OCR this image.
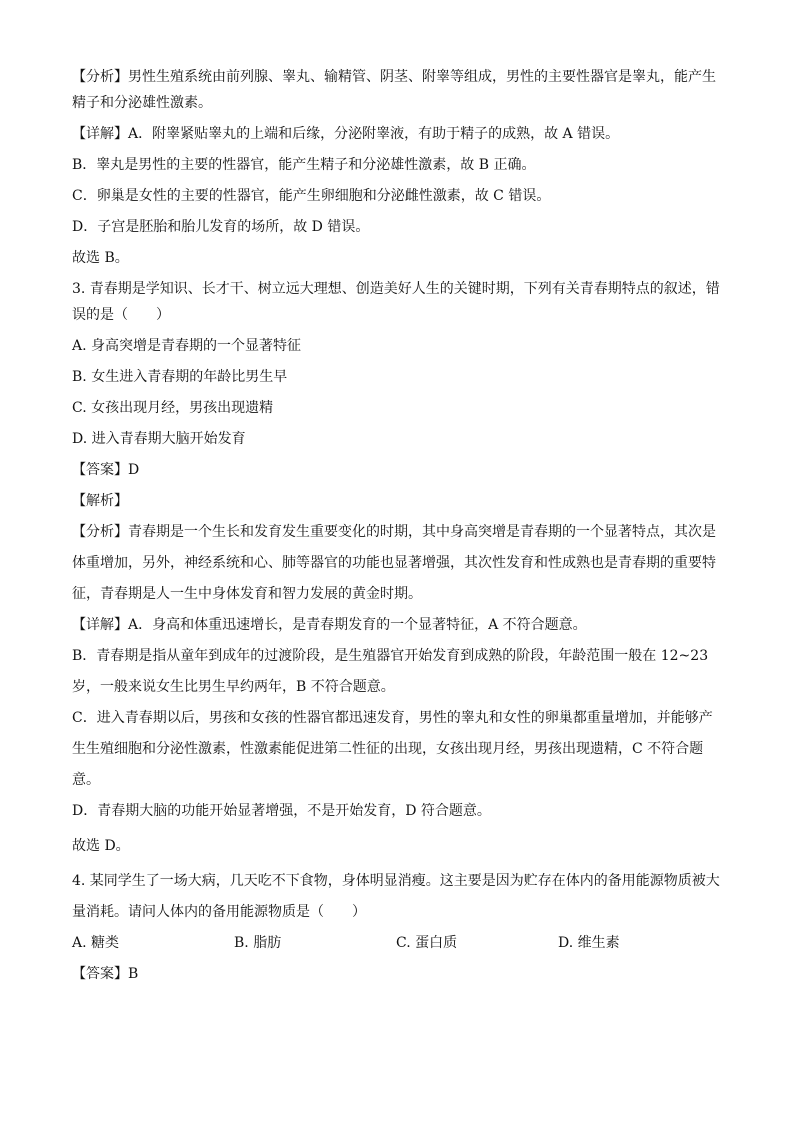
【分析】男性生殖系统由前列腺、睾丸、输精管、阴茎、附睾等组成，男性的主要性器官是睾丸，能产生
精子和分泌雄性激素。
【详解】A．附睾紧贴睾丸的上端和后缘，分泌附睾液，有助于精子的成熟，故 A 错误。
B．睾丸是男性的主要的性器官，能产生精子和分泌雄性激素，故 B 正确。
C．卵巢是女性的主要的性器官，能产生卵细胞和分泌雌性激素，故 C 错误。
D．子宫是胚胎和胎儿发育的场所，故 D 错误。
故选 B。
3. 青春期是学知识、长才干、树立远大理想、创造美好人生的关键时期，下列有关青春期特点的叙述，错
误的是（　　）
A. 身高突增是青春期的一个显著特征
B. 女生进入青春期的年龄比男生早
C. 女孩出现月经，男孩出现遗精
D. 进入青春期大脑开始发育
【答案】D
【解析】
【分析】青春期是一个生长和发育发生重要变化的时期，其中身高突增是青春期的一个显著特点，其次是
体重增加，另外，神经系统和心、肺等器官的功能也显著增强，其次性发育和性成熟也是青春期的重要特
征，青春期是人一生中身体发育和智力发展的黄金时期。
【详解】A．身高和体重迅速增长，是青春期发育的一个显著特征，A 不符合题意。
B．青春期是指从童年到成年的过渡阶段，是生殖器官开始发育到成熟的阶段，年龄范围一般在 12~23
岁，一般来说女生比男生早约两年，B 不符合题意。
C．进入青春期以后，男孩和女孩的性器官都迅速发育，男性的睾丸和女性的卵巢都重量增加，并能够产
生生殖细胞和分泌性激素，性激素能促进第二性征的出现，女孩出现月经，男孩出现遗精，C 不符合题
意。
D．青春期大脑的功能开始显著增强，不是开始发育，D 符合题意。
故选 D。
4. 某同学生了一场大病，几天吃不下食物，身体明显消瘦。这主要是因为贮存在体内的备用能源物质被大
量消耗。请问人体内的备用能源物质是（　　）
A. 糖类	B. 脂肪	C. 蛋白质	D. 维生素
【答案】B
